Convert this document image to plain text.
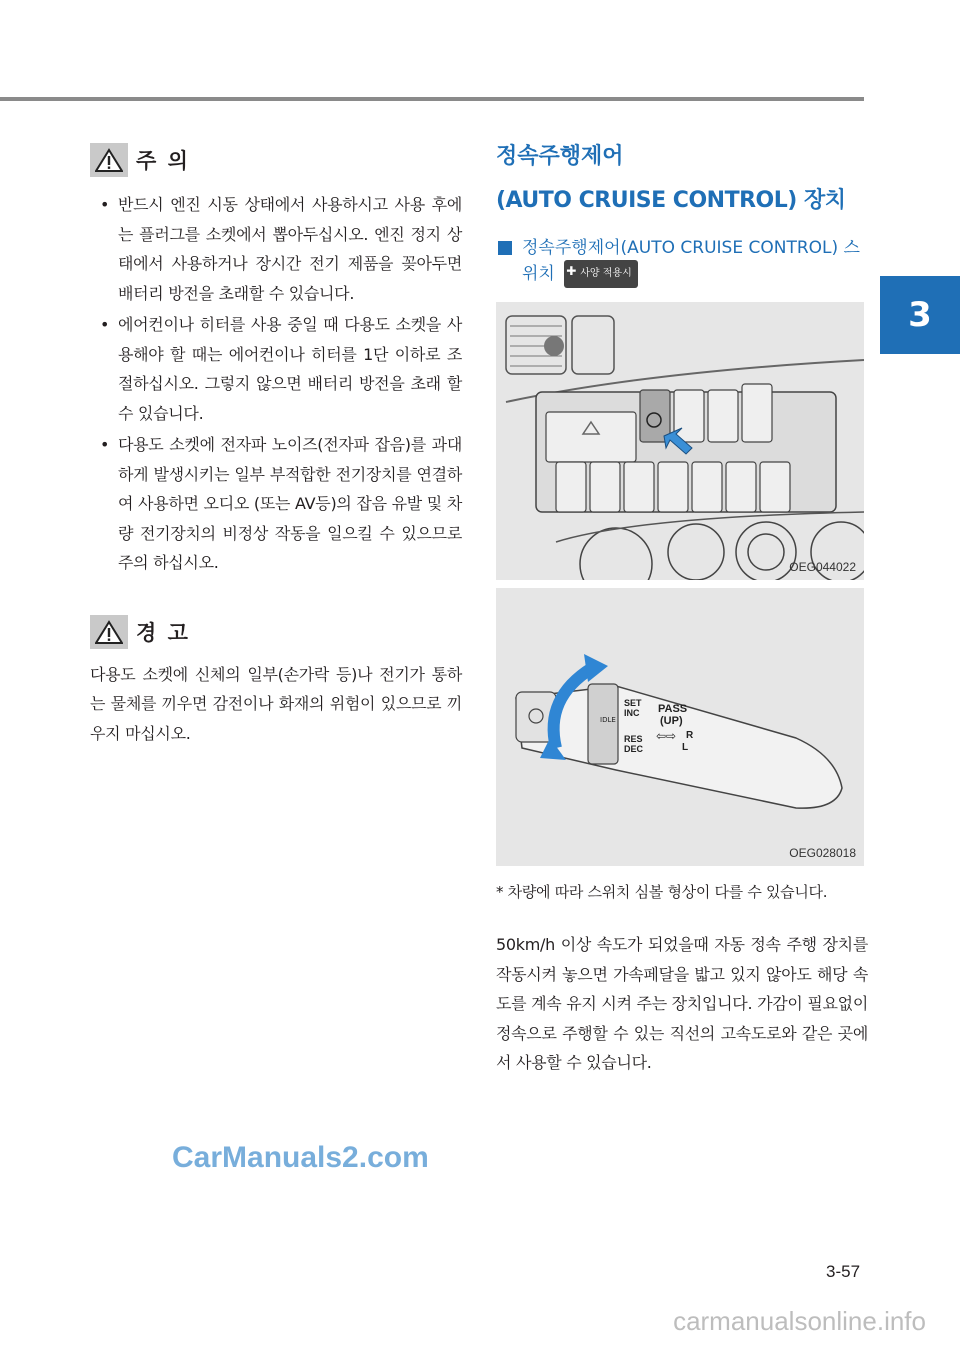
3
주 의
• 반드시 엔진 시동 상태에서 사용하시고 사용 후에는 플러그를 소켓에서 뽑아두십시오. 엔진 정지 상태에서 사용하거나 장시간 전기 제품을 꽂아두면 배터리 방전을 초래할 수 있습니다.
• 에어컨이나 히터를 사용 중일 때 다용도 소켓을 사용해야 할 때는 에어컨이나 히터를 1단 이하로 조절하십시오. 그렇지 않으면 배터리 방전을 초래 할 수 있습니다.
• 다용도 소켓에 전자파 노이즈(전자파 잡음)를 과대하게 발생시키는 일부 부적합한 전기장치를 연결하여 사용하면 오디오 (또는 AV등)의 잡음 유발 및 차량 전기장치의 비정상 작동을 일으킬 수 있으므로 주의 하십시오.
경 고

다용도 소켓에 신체의 일부(손가락 등)나 전기가 통하는 물체를 끼우면 감전이나 화재의 위험이 있으므로 끼우지 마십시오.

정속주행제어
(AUTO CRUISE CONTROL) 장치
정속주행제어(AUTO CRUISE CONTROL) 스위치 ✚ 사양 적용시
OEG044022
IDLE
SET
INC
RES
DEC
PASS
(UP)
⇦⇨ R
L
OEG028018

* 차량에 따라 스위치 심볼 형상이 다를 수 있습니다.

50km/h 이상 속도가 되었을때 자동 정속 주행 장치를 작동시켜 놓으면 가속페달을 밟고 있지 않아도 해당 속도를 계속 유지 시켜 주는 장치입니다. 가감이 필요없이 정속으로 주행할 수 있는 직선의 고속도로와 같은 곳에서 사용할 수 있습니다.

CarManuals2.com
3-57
carmanualsonline.info
